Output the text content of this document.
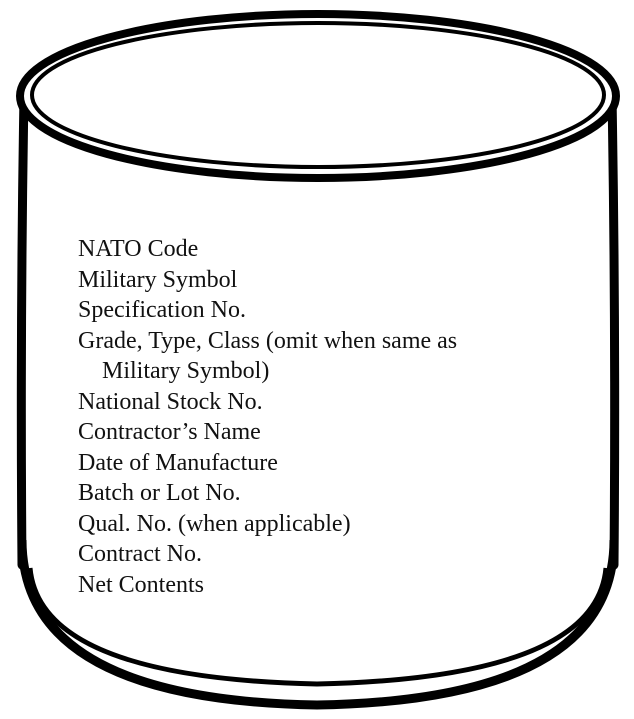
NATO Code
Military Symbol
Specification No.
Grade, Type, Class (omit when same as
Military Symbol)
National Stock No.
Contractor’s Name
Date of Manufacture
Batch or Lot No.
Qual. No. (when applicable)
Contract No.
Net Contents
